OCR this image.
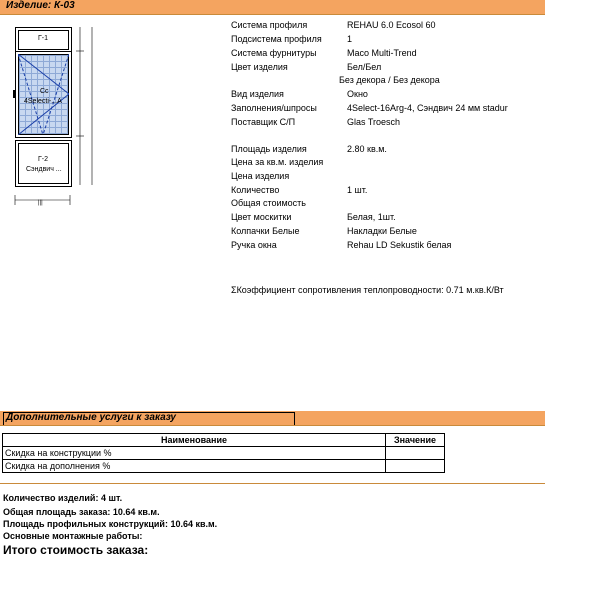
Изделие: К-03
Г-1
Сс
4Selecti-...A
Г-2
Сэндвич ...
|||
Система профиля	REHAU 6.0 Ecosol 60
Подсистема профиля	1
Система фурнитуры	Maco Multi-Trend
Цвет изделия	Бел/Бел
Без декора / Без декора
Вид изделия	Окно
Заполнения/шпросы	4Select-16Arg-4, Сэндвич 24 мм stadur
Поставщик С/П	Glas Troesch
Площадь изделия	2.80 кв.м.
Цена за кв.м. изделия
Цена изделия
Количество	1 шт.
Общая стоимость
Цвет москитки	Белая, 1шт.
Колпачки Белые	Накладки Белые
Ручка окна	Rehau LD Sekustik белая
ΣКоэффициент сопротивления теплопроводности: 0.71 м.кв.К/Вт
Дополнительные услуги к заказу
Наименование	Значение
Скидка на конструкции %	
Скидка на дополнения %	
Количество изделий: 4 шт.
Общая площадь заказа: 10.64 кв.м.
Площадь профильных конструкций: 10.64 кв.м.
Основные монтажные работы:
Итого стоимость заказа:
